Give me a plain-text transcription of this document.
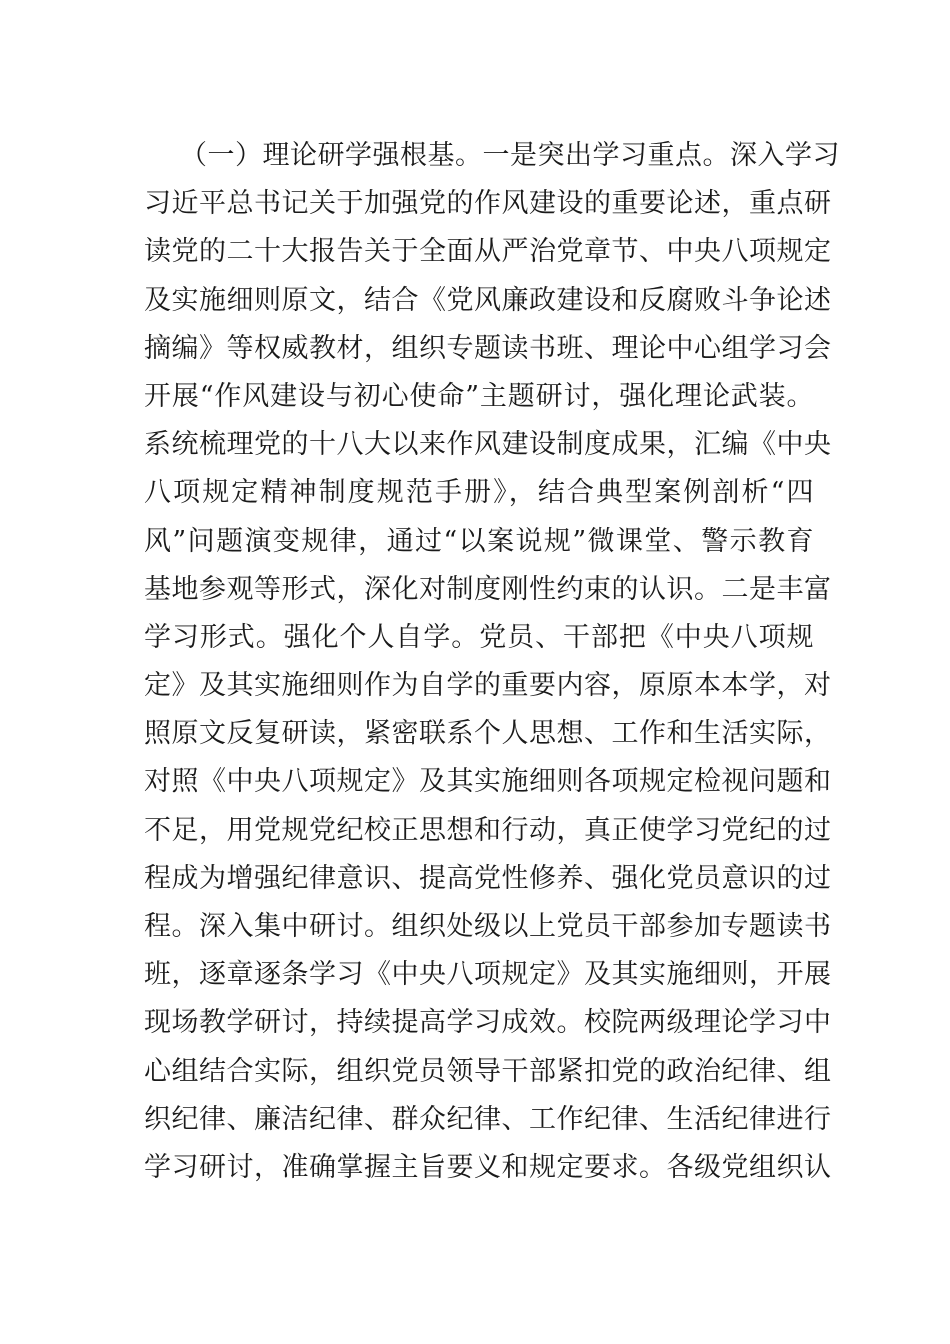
（一）理论研学强根基。一是突出学习重点。深入学习
习近平总书记关于加强党的作风建设的重要论述，重点研
读党的二十大报告关于全面从严治党章节、中央八项规定
及实施细则原文，结合《党风廉政建设和反腐败斗争论述
摘编》等权威教材，组织专题读书班、理论中心组学习会
开展“作风建设与初心使命”主题研讨，强化理论武装。
系统梳理党的十八大以来作风建设制度成果，汇编《中央
八项规定精神制度规范手册》，结合典型案例剖析“四
风”问题演变规律，通过“以案说规”微课堂、警示教育
基地参观等形式，深化对制度刚性约束的认识。二是丰富
学习形式。强化个人自学。党员、干部把《中央八项规
定》及其实施细则作为自学的重要内容，原原本本学，对
照原文反复研读，紧密联系个人思想、工作和生活实际，
对照《中央八项规定》及其实施细则各项规定检视问题和
不足，用党规党纪校正思想和行动，真正使学习党纪的过
程成为增强纪律意识、提高党性修养、强化党员意识的过
程。深入集中研讨。组织处级以上党员干部参加专题读书
班，逐章逐条学习《中央八项规定》及其实施细则，开展
现场教学研讨，持续提高学习成效。校院两级理论学习中
心组结合实际，组织党员领导干部紧扣党的政治纪律、组
织纪律、廉洁纪律、群众纪律、工作纪律、生活纪律进行
学习研讨，准确掌握主旨要义和规定要求。各级党组织认
